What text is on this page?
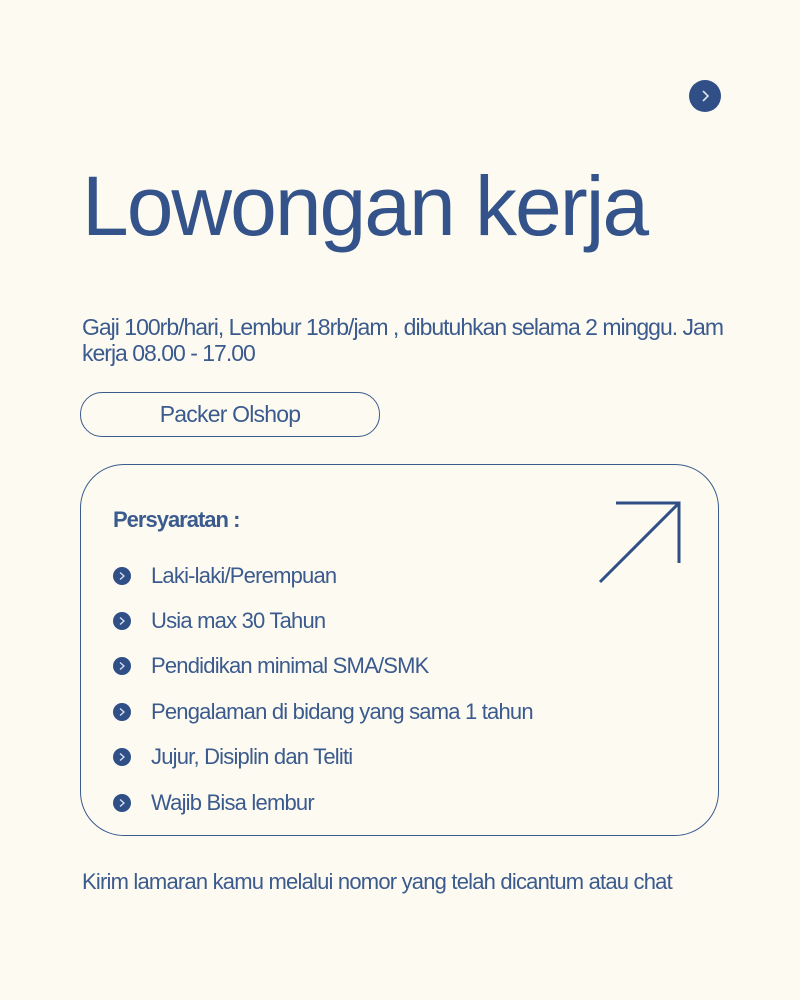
Lowongan kerja
Gaji 100rb/hari, Lembur 18rb/jam , dibutuhkan selama 2 minggu. Jam kerja 08.00 - 17.00
Packer Olshop
Persyaratan :
Laki-laki/Perempuan
Usia max 30 Tahun
Pendidikan minimal SMA/SMK
Pengalaman di bidang yang sama 1 tahun
Jujur, Disiplin dan Teliti
Wajib Bisa lembur
Kirim lamaran kamu melalui nomor yang telah dicantum atau chat
